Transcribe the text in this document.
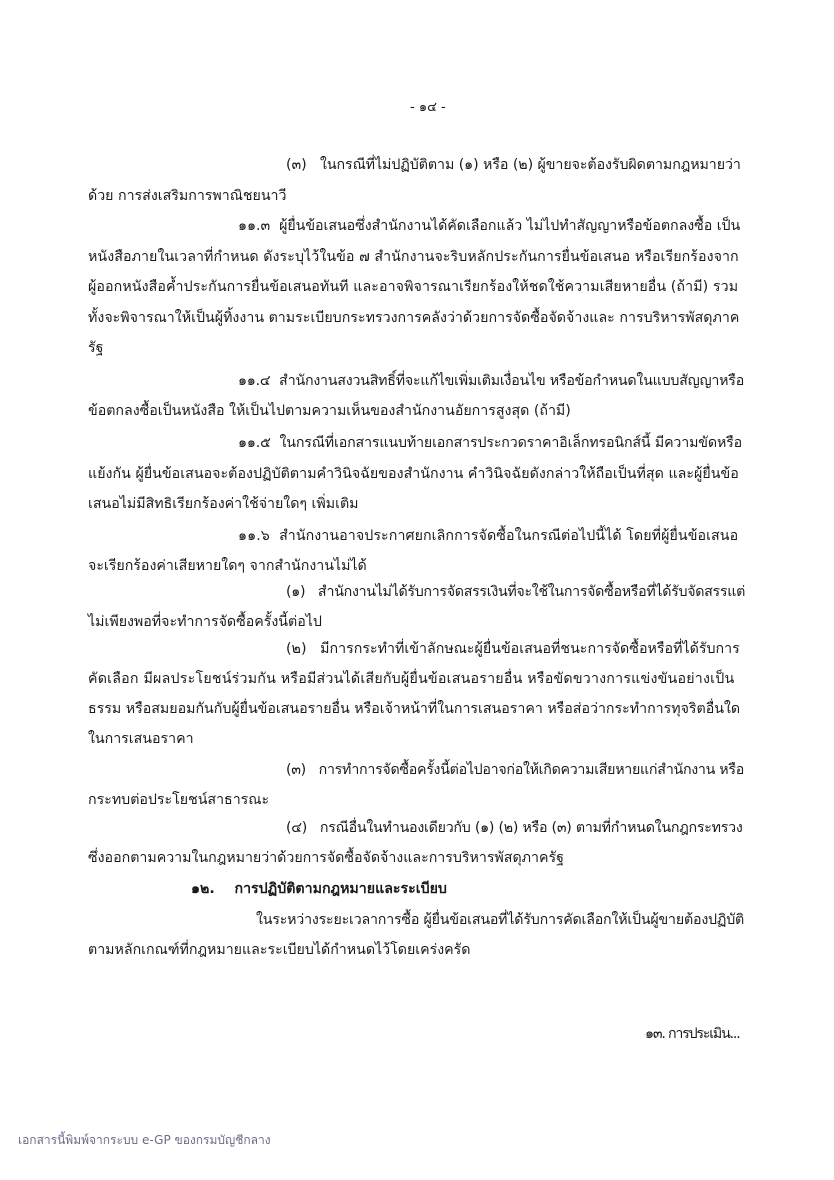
- ๑๔ -
(๓)   ในกรณีที่ไม่ปฏิบัติตาม (๑) หรือ (๒) ผู้ขายจะต้องรับผิดตามกฎหมายว่า
ด้วย การส่งเสริมการพาณิชยนาวี
๑๑.๓  ผู้ยื่นข้อเสนอซึ่งสำนักงานได้คัดเลือกแล้ว ไม่ไปทำสัญญาหรือข้อตกลงซื้อ เป็น
หนังสือภายในเวลาที่กำหนด ดังระบุไว้ในข้อ ๗ สำนักงานจะริบหลักประกันการยื่นข้อเสนอ หรือเรียกร้องจาก
ผู้ออกหนังสือค้ำประกันการยื่นข้อเสนอทันที และอาจพิจารณาเรียกร้องให้ชดใช้ความเสียหายอื่น (ถ้ามี) รวม
ทั้งจะพิจารณาให้เป็นผู้ทิ้งงาน ตามระเบียบกระทรวงการคลังว่าด้วยการจัดซื้อจัดจ้างและ การบริหารพัสดุภาค
รัฐ
๑๑.๔  สำนักงานสงวนสิทธิ์ที่จะแก้ไขเพิ่มเติมเงื่อนไข หรือข้อกำหนดในแบบสัญญาหรือ
ข้อตกลงซื้อเป็นหนังสือ ให้เป็นไปตามความเห็นของสำนักงานอัยการสูงสุด (ถ้ามี)
๑๑.๕  ในกรณีที่เอกสารแนบท้ายเอกสารประกวดราคาอิเล็กทรอนิกส์นี้ มีความขัดหรือ
แย้งกัน ผู้ยื่นข้อเสนอจะต้องปฏิบัติตามคำวินิจฉัยของสำนักงาน คำวินิจฉัยดังกล่าวให้ถือเป็นที่สุด และผู้ยื่นข้อ
เสนอไม่มีสิทธิเรียกร้องค่าใช้จ่ายใดๆ เพิ่มเติม
๑๑.๖  สำนักงานอาจประกาศยกเลิกการจัดซื้อในกรณีต่อไปนี้ได้ โดยที่ผู้ยื่นข้อเสนอ
จะเรียกร้องค่าเสียหายใดๆ จากสำนักงานไม่ได้
(๑)   สำนักงานไม่ได้รับการจัดสรรเงินที่จะใช้ในการจัดซื้อหรือที่ได้รับจัดสรรแต่
ไม่เพียงพอที่จะทำการจัดซื้อครั้งนี้ต่อไป
(๒)   มีการกระทำที่เข้าลักษณะผู้ยื่นข้อเสนอที่ชนะการจัดซื้อหรือที่ได้รับการ
คัดเลือก มีผลประโยชน์ร่วมกัน หรือมีส่วนได้เสียกับผู้ยื่นข้อเสนอรายอื่น หรือขัดขวางการแข่งขันอย่างเป็น
ธรรม หรือสมยอมกันกับผู้ยื่นข้อเสนอรายอื่น หรือเจ้าหน้าที่ในการเสนอราคา หรือส่อว่ากระทำการทุจริตอื่นใด
ในการเสนอราคา
(๓)   การทำการจัดซื้อครั้งนี้ต่อไปอาจก่อให้เกิดความเสียหายแก่สำนักงาน หรือ
กระทบต่อประโยชน์สาธารณะ
(๔)   กรณีอื่นในทำนองเดียวกับ (๑) (๒) หรือ (๓) ตามที่กำหนดในกฎกระทรวง
ซึ่งออกตามความในกฎหมายว่าด้วยการจัดซื้อจัดจ้างและการบริหารพัสดุภาครัฐ
๑๒.    การปฏิบัติตามกฎหมายและระเบียบ
ในระหว่างระยะเวลาการซื้อ ผู้ยื่นข้อเสนอที่ได้รับการคัดเลือกให้เป็นผู้ขายต้องปฏิบัติ
ตามหลักเกณฑ์ที่กฎหมายและระเบียบได้กำหนดไว้โดยเคร่งครัด
๑๓. การประเมิน...
เอกสารนี้พิมพ์จากระบบ e-GP ของกรมบัญชีกลาง
